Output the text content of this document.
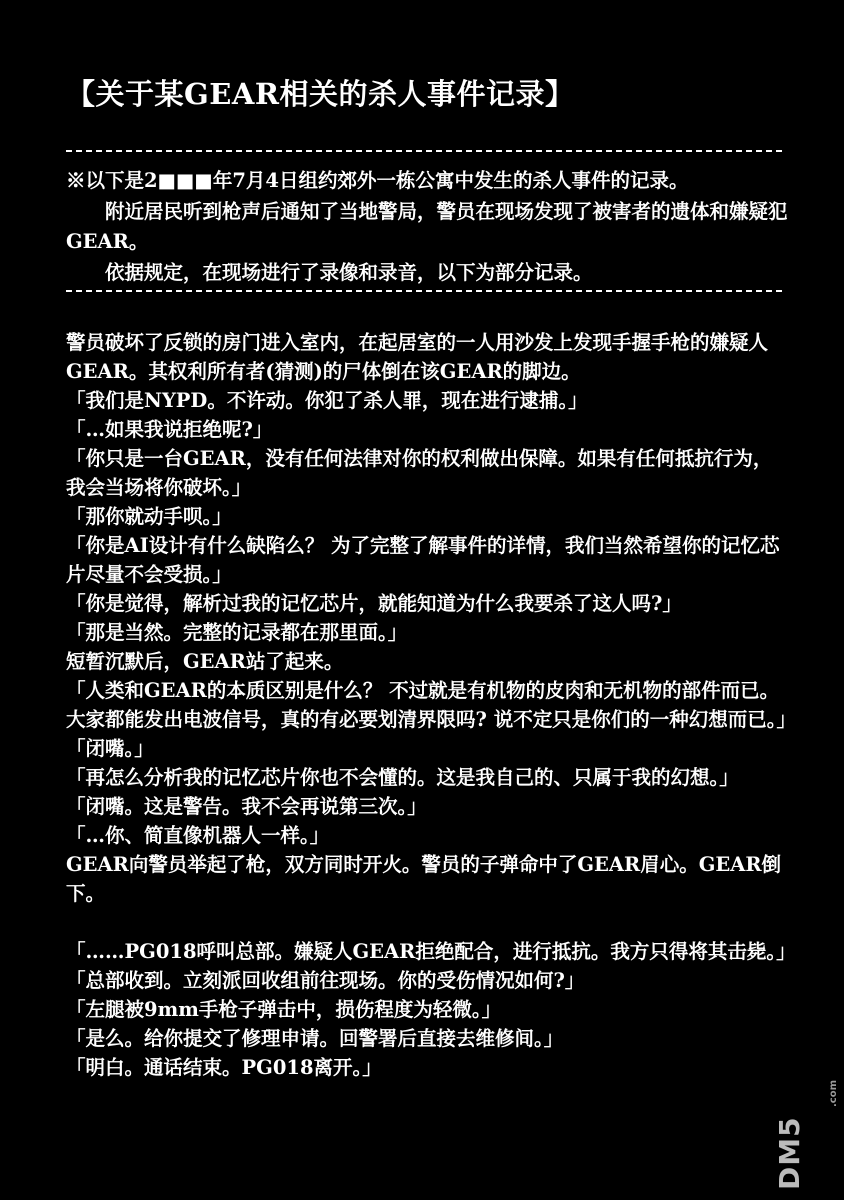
【关于某GEAR相关的杀人事件记录】

※以下是2■■■年7月4日组约郊外一栋公寓中发生的杀人事件的记录。

附近居民听到枪声后通知了当地警局，警员在现场发现了被害者的遗体和嫌疑犯GEAR。

依据规定，在现场进行了录像和录音，以下为部分记录。

警员破坏了反锁的房门进入室内，在起居室的一人用沙发上发现手握手枪的嫌疑人GEAR。其权利所有者(猜测)的尸体倒在该GEAR的脚边。

「我们是NYPD。不许动。你犯了杀人罪，现在进行逮捕。」

「…如果我说拒绝呢?」

「你只是一台GEAR，没有任何法律对你的权利做出保障。如果有任何抵抗行为，我会当场将你破坏。」

「那你就动手呗。」

「你是AI设计有什么缺陷么？ 为了完整了解事件的详情，我们当然希望你的记忆芯片尽量不会受损。」

「你是觉得，解析过我的记忆芯片，就能知道为什么我要杀了这人吗?」

「那是当然。完整的记录都在那里面。」

短暂沉默后，GEAR站了起来。

「人类和GEAR的本质区别是什么？ 不过就是有机物的皮肉和无机物的部件而已。大家都能发出电波信号，真的有必要划清界限吗? 说不定只是你们的一种幻想而已。」

「闭嘴。」

「再怎么分析我的记忆芯片你也不会懂的。这是我自己的、只属于我的幻想。」

「闭嘴。这是警告。我不会再说第三次。」

「…你、简直像机器人一样。」

GEAR向警员举起了枪，双方同时开火。警员的子弹命中了GEAR眉心。GEAR倒下。

「……PG018呼叫总部。嫌疑人GEAR拒绝配合，进行抵抗。我方只得将其击毙。」

「总部收到。立刻派回收组前往现场。你的受伤情况如何?」

「左腿被9mm手枪子弹击中，损伤程度为轻微。」

「是么。给你提交了修理申请。回警署后直接去维修间。」

「明白。通话结束。PG018离开。」

.com
DM5
